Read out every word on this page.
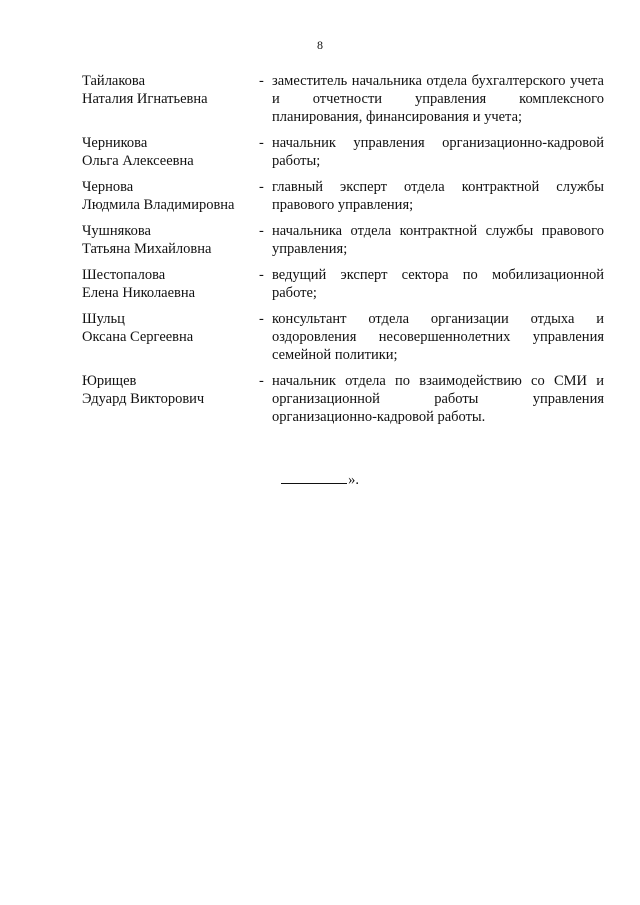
8
Тайлакова
Наталия Игнатьевна
- заместитель начальника отдела бухгалтерского учета и отчетности управления комплексного планирования, финансирования и учета;
Черникова
Ольга Алексеевна
- начальник управления организационно-кадровой работы;
Чернова
Людмила Владимировна
- главный эксперт отдела контрактной службы правового управления;
Чушнякова
Татьяна Михайловна
- начальника отдела контрактной службы правового управления;
Шестопалова
Елена Николаевна
- ведущий эксперт сектора по мобилизационной работе;
Шульц
Оксана Сергеевна
- консультант отдела организации отдыха и оздоровления несовершеннолетних управления семейной политики;
Юрищев
Эдуард Викторович
- начальник отдела по взаимодействию со СМИ и организационной работы управления организационно-кадровой работы.
».
